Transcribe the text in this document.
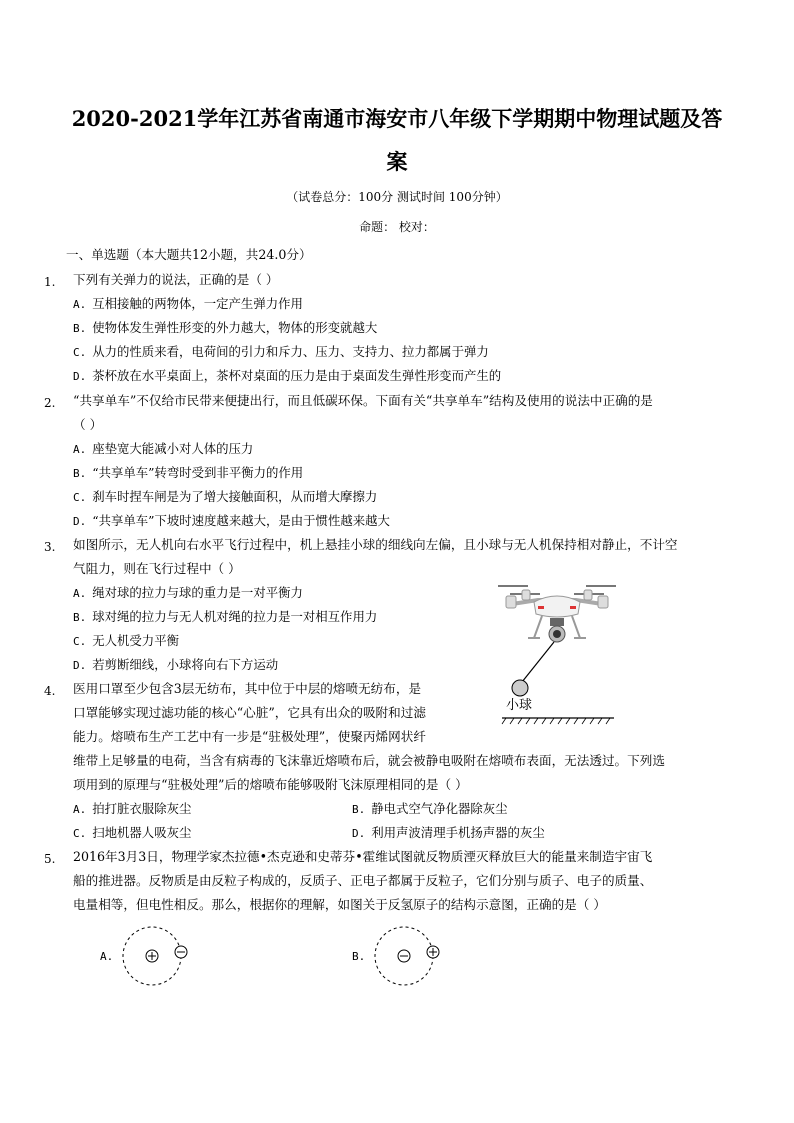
2020-2021学年江苏省南通市海安市八年级下学期期中物理试题及答
案
（试卷总分：100分 测试时间 100分钟）
命题： 校对：
一、单选题（本大题共12小题，共24.0分）
1. 下列有关弹力的说法，正确的是（ ）
A. 互相接触的两物体，一定产生弹力作用
B. 使物体发生弹性形变的外力越大，物体的形变就越大
C. 从力的性质来看，电荷间的引力和斥力、压力、支持力、拉力都属于弹力
D. 茶杯放在水平桌面上，茶杯对桌面的压力是由于桌面发生弹性形变而产生的
2. “共享单车”不仅给市民带来便捷出行，而且低碳环保。下面有关“共享单车”结构及使用的说法中正确的是
（ ）
A. 座垫宽大能减小对人体的压力
B. “共享单车”转弯时受到非平衡力的作用
C. 刹车时捏车闸是为了增大接触面积，从而增大摩擦力
D. “共享单车”下坡时速度越来越大，是由于惯性越来越大
3. 如图所示，无人机向右水平飞行过程中，机上悬挂小球的细线向左偏，且小球与无人机保持相对静止，不计空
气阻力，则在飞行过程中（ ）
A. 绳对球的拉力与球的重力是一对平衡力
B. 球对绳的拉力与无人机对绳的拉力是一对相互作用力
C. 无人机受力平衡
D. 若剪断细线，小球将向右下方运动
小球
4. 医用口罩至少包含3层无纺布，其中位于中层的熔喷无纺布，是
口罩能够实现过滤功能的核心“心脏”，它具有出众的吸附和过滤
能力。熔喷布生产工艺中有一步是“驻极处理”，使聚丙烯网状纤
维带上足够量的电荷，当含有病毒的飞沫靠近熔喷布后，就会被静电吸附在熔喷布表面，无法透过。下列选
项用到的原理与“驻极处理”后的熔喷布能够吸附飞沫原理相同的是（ ）
A. 拍打脏衣服除灰尘	B. 静电式空气净化器除灰尘
C. 扫地机器人吸灰尘	D. 利用声波清理手机扬声器的灰尘
5. 2016年3月3日，物理学家杰拉德•杰克逊和史蒂芬•霍维试图就反物质湮灭释放巨大的能量来制造宇宙飞
船的推进器。反物质是由反粒子构成的，反质子、正电子都属于反粒子，它们分别与质子、电子的质量、
电量相等，但电性相反。那么，根据你的理解，如图关于反氢原子的结构示意图，正确的是（ ）
A.	B.
